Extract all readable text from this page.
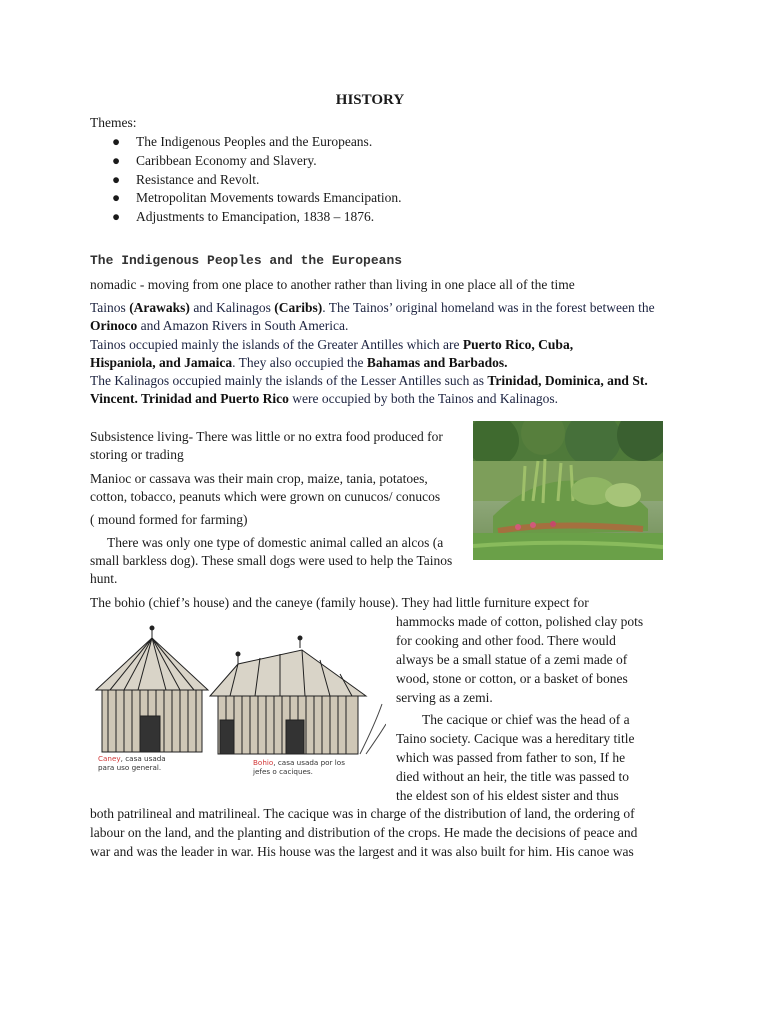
HISTORY
Themes:
● The Indigenous Peoples and the Europeans.
● Caribbean Economy and Slavery.
● Resistance and Revolt.
● Metropolitan Movements towards Emancipation.
● Adjustments to Emancipation, 1838 – 1876.
The Indigenous Peoples and the Europeans

nomadic - moving from one place to another rather than living in one place all of the time

Tainos (Arawaks) and Kalinagos (Caribs). The Tainos’ original homeland was in the forest between the Orinoco and Amazon Rivers in South America.

Tainos occupied mainly the islands of the Greater Antilles which are Puerto Rico, Cuba, Hispaniola, and Jamaica. They also occupied the Bahamas and Barbados.

The Kalinagos occupied mainly the islands of the Lesser Antilles such as Trinidad, Dominica, and St. Vincent. Trinidad and Puerto Rico were occupied by both the Tainos and Kalinagos.

Subsistence living- There was little or no extra food produced for

storing or trading

Manioc or cassava was their main crop, maize, tania, potatoes,

cotton, tobacco, peanuts which were grown on cunucos/ conucos

( mound formed for farming)

There was only one type of domestic animal called an alcos (a

small barkless dog). These small dogs were used to help the Tainos

hunt.

The bohio (chief’s house) and the caneye (family house). They had little furniture expect for

Caney, casa usada
para uso general.
Bohio, casa usada por los
jefes o caciques.

hammocks made of cotton, polished clay pots

for cooking and other food. There would

always be a small statue of a zemi made of

wood, stone or cotton, or a basket of bones

serving as a zemi.

The cacique or chief was the head of a

Taino society. Cacique was a hereditary title

which was passed from father to son, If he

died without an heir, the title was passed to

the eldest son of his eldest sister and thus

both patrilineal and matrilineal. The cacique was in charge of the distribution of land, the ordering of

labour on the land, and the planting and distribution of the crops. He made the decisions of peace and

war and was the leader in war. His house was the largest and it was also built for him. His canoe was
